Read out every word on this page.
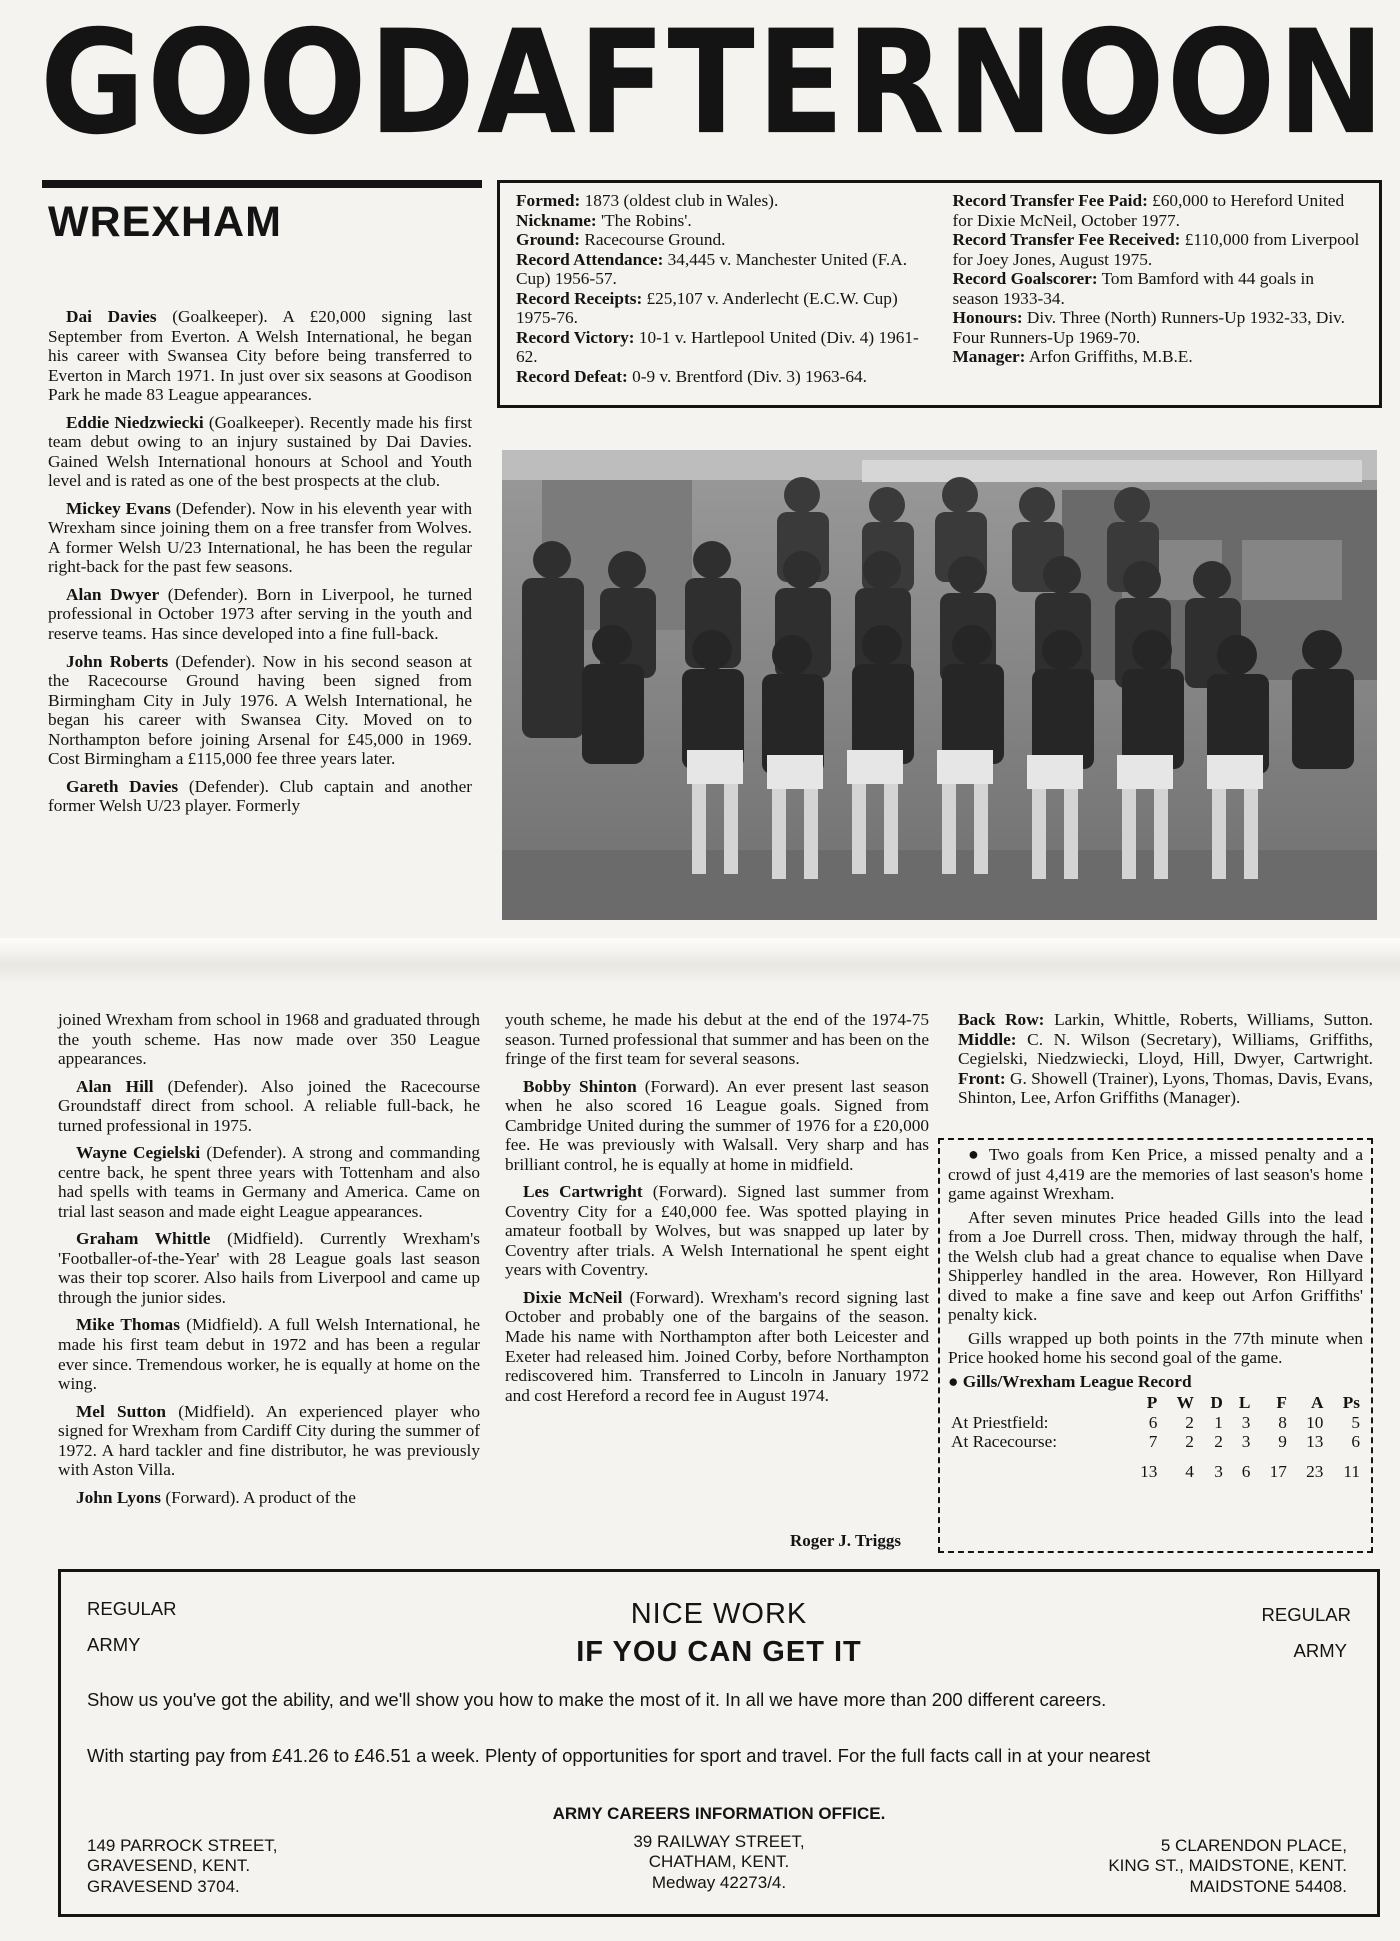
GOOD AFTERNOON
WREXHAM	Formed: 1873 (oldest club in Wales).
Nickname: 'The Robins'.
Ground: Racecourse Ground.
Record Attendance: 34,445 v. Manchester United (F.A. Cup) 1956-57.
Record Receipts: £25,107 v. Anderlecht (E.C.W. Cup) 1975-76.
Record Victory: 10-1 v. Hartlepool United (Div. 4) 1961-62.
Record Defeat: 0-9 v. Brentford (Div. 3) 1963-64.
Record Transfer Fee Paid: £60,000 to Hereford United for Dixie McNeil, October 1977.
Record Transfer Fee Received: £110,000 from Liverpool for Joey Jones, August 1975.
Record Goalscorer: Tom Bamford with 44 goals in season 1933-34.
Honours: Div. Three (North) Runners-Up 1932-33, Div. Four Runners-Up 1969-70.
Manager: Arfon Griffiths, M.B.E.

Dai Davies (Goalkeeper). A £20,000 signing last September from Everton. A Welsh International, he began his career with Swansea City before being transferred to Everton in March 1971. In just over six seasons at Goodison Park he made 83 League appearances.

Eddie Niedzwiecki (Goalkeeper). Recently made his first team debut owing to an injury sustained by Dai Davies. Gained Welsh International honours at School and Youth level and is rated as one of the best prospects at the club.

Mickey Evans (Defender). Now in his eleventh year with Wrexham since joining them on a free transfer from Wolves. A former Welsh U/23 International, he has been the regular right-back for the past few seasons.

Alan Dwyer (Defender). Born in Liverpool, he turned professional in October 1973 after serving in the youth and reserve teams. Has since developed into a fine full-back.

John Roberts (Defender). Now in his second season at the Racecourse Ground having been signed from Birmingham City in July 1976. A Welsh International, he began his career with Swansea City. Moved on to Northampton before joining Arsenal for £45,000 in 1969. Cost Birmingham a £115,000 fee three years later.

Gareth Davies (Defender). Club captain and another former Welsh U/23 player. Formerly

joined Wrexham from school in 1968 and graduated through the youth scheme. Has now made over 350 League appearances.

Alan Hill (Defender). Also joined the Racecourse Groundstaff direct from school. A reliable full-back, he turned professional in 1975.

Wayne Cegielski (Defender). A strong and commanding centre back, he spent three years with Tottenham and also had spells with teams in Germany and America. Came on trial last season and made eight League appearances.

Graham Whittle (Midfield). Currently Wrexham's 'Footballer-of-the-Year' with 28 League goals last season was their top scorer. Also hails from Liverpool and came up through the junior sides.

Mike Thomas (Midfield). A full Welsh International, he made his first team debut in 1972 and has been a regular ever since. Tremendous worker, he is equally at home on the wing.

Mel Sutton (Midfield). An experienced player who signed for Wrexham from Cardiff City during the summer of 1972. A hard tackler and fine distributor, he was previously with Aston Villa.

John Lyons (Forward). A product of the

youth scheme, he made his debut at the end of the 1974-75 season. Turned professional that summer and has been on the fringe of the first team for several seasons.

Bobby Shinton (Forward). An ever present last season when he also scored 16 League goals. Signed from Cambridge United during the summer of 1976 for a £20,000 fee. He was previously with Walsall. Very sharp and has brilliant control, he is equally at home in midfield.

Les Cartwright (Forward). Signed last summer from Coventry City for a £40,000 fee. Was spotted playing in amateur football by Wolves, but was snapped up later by Coventry after trials. A Welsh International he spent eight years with Coventry.

Dixie McNeil (Forward). Wrexham's record signing last October and probably one of the bargains of the season. Made his name with Northampton after both Leicester and Exeter had released him. Joined Corby, before Northampton rediscovered him. Transferred to Lincoln in January 1972 and cost Hereford a record fee in August 1974.

Back Row: Larkin, Whittle, Roberts, Williams, Sutton. Middle: C. N. Wilson (Secretary), Williams, Griffiths, Cegielski, Niedzwiecki, Lloyd, Hill, Dwyer, Cartwright. Front: G. Showell (Trainer), Lyons, Thomas, Davis, Evans, Shinton, Lee, Arfon Griffiths (Manager).

● Two goals from Ken Price, a missed penalty and a crowd of just 4,419 are the memories of last season's home game against Wrexham.

After seven minutes Price headed Gills into the lead from a Joe Durrell cross. Then, midway through the half, the Welsh club had a great chance to equalise when Dave Shipperley handled in the area. However, Ron Hillyard dived to make a fine save and keep out Arfon Griffiths' penalty kick.

Gills wrapped up both points in the 77th minute when Price hooked home his second goal of the game.

● Gills/Wrexham League Record
	P	W	D	L	F	A	Ps
At Priestfield:	6	2	1	3	8	10	5
At Racecourse:	7	2	2	3	9	13	6

	13	4	3	6	17	23	11
Roger J. Triggs
REGULAR
ARMY
REGULAR
ARMY
NICE WORK
IF YOU CAN GET IT
Show us you've got the ability, and we'll show you how to make the most of it. In all we have more than 200 different careers.
With starting pay from £41.26 to £46.51 a week. Plenty of opportunities for sport and travel. For the full facts call in at your nearest
ARMY CAREERS INFORMATION OFFICE.
149 PARROCK STREET,
GRAVESEND, KENT.
GRAVESEND 3704.
39 RAILWAY STREET,
CHATHAM, KENT.
Medway 42273/4.
5 CLARENDON PLACE,
KING ST., MAIDSTONE, KENT.
MAIDSTONE 54408.
